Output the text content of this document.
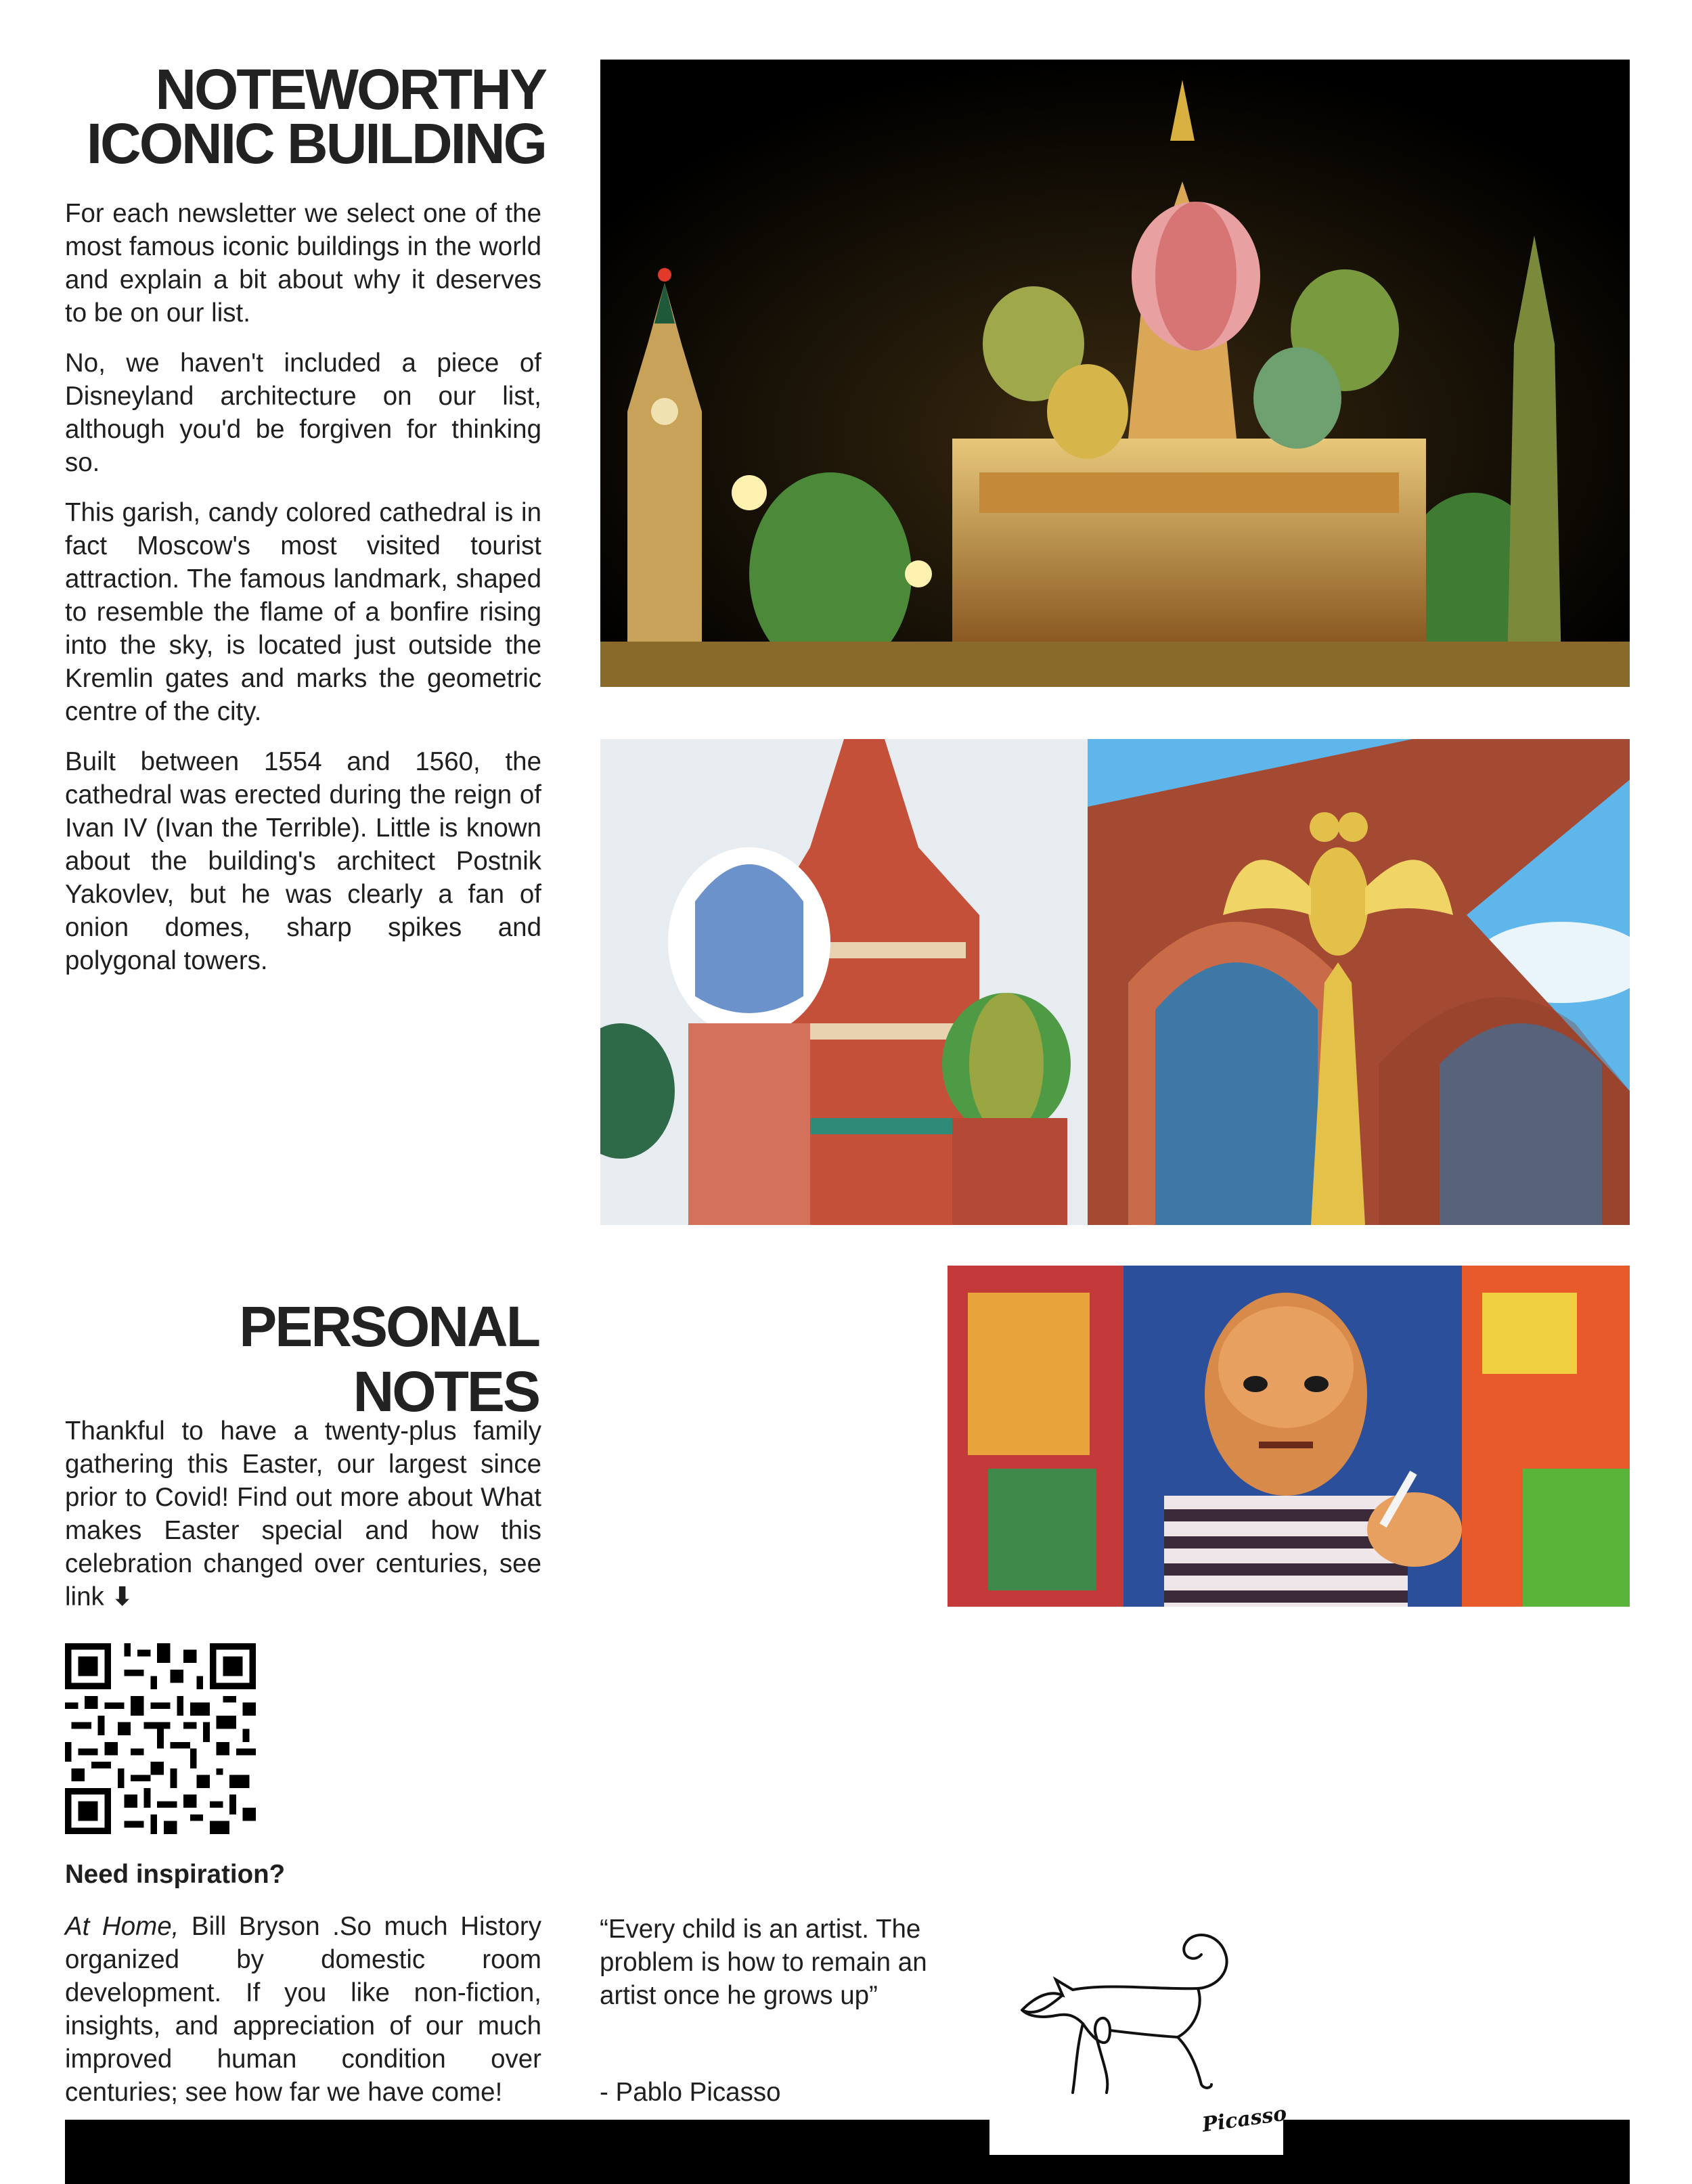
NOTEWORTHY ICONIC BUILDING

For each newsletter we select one of the most famous iconic buildings in the world and explain a bit about why it deserves to be on our list.

No, we haven't included a piece of Disneyland architecture on our list, although you'd be forgiven for thinking so.

This garish, candy colored cathedral is in fact Moscow's most visited tourist attraction. The famous landmark, shaped to resemble the flame of a bonfire rising into the sky, is located just outside the Kremlin gates and marks the geometric centre of the city.

Built between 1554 and 1560, the cathedral was erected during the reign of Ivan IV (Ivan the Terrible). Little is known about the building's architect Postnik Yakovlev, but he was clearly a fan of onion domes, sharp spikes and polygonal towers.

PERSONAL NOTES
Thankful to have a twenty-plus family gathering this Easter, our largest since prior to Covid! Find out more about What makes Easter special and how this celebration changed over centuries, see link ⬇
Need inspiration?
At Home, Bill Bryson .So much History organized by domestic room development. If you like non-fiction, insights, and appreciation of our much improved human condition over centuries; see how far we have come!
“Every child is an artist. The problem is how to remain an artist once he grows up”
- Pablo Picasso
Picasso
